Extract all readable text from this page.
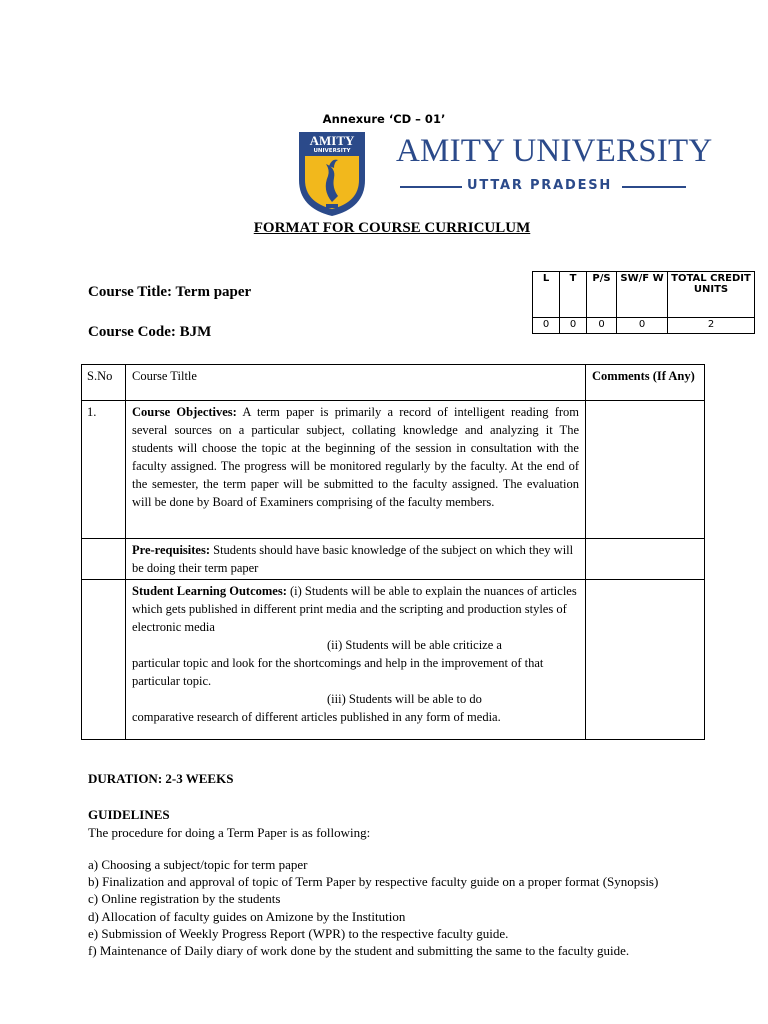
Annexure ‘CD – 01’
AMITY
UNIVERSITY	AMITY UNIVERSITY
UTTAR PRADESH
FORMAT FOR COURSE CURRICULUM
Course Title: Term paper
Course Code: BJM
L	T	P/S	SW/F W	TOTAL CREDIT UNITS
0	0	0	0	2
S.No	Course Tiltle	Comments (If Any)
1.	Course Objectives: A term paper is primarily a record of intelligent reading from several sources on a particular subject, collating knowledge and analyzing it The students will choose the topic at the beginning of the session in consultation with the faculty assigned. The progress will be monitored regularly by the faculty. At the end of the semester, the term paper will be submitted to the faculty assigned. The evaluation will be done by Board of Examiners comprising of the faculty members.	
	Pre-requisites: Students should have basic knowledge of the subject on which they will be doing their term paper	

	Student Learning Outcomes: (i) Students will be able to explain the nuances of articles which gets published in different print media and the scripting and production styles of electronic media
(ii) Students will be able criticize a
particular topic and look for the shortcomings and help in the improvement of that particular topic.
(iii) Students will be able to do
comparative research of different articles published in any form of media.	

DURATION: 2-3 WEEKS
GUIDELINES
The procedure for doing a Term Paper is as following:
a) Choosing a subject/topic for term paper
b) Finalization and approval of topic of Term Paper by respective faculty guide on a proper format (Synopsis)
c) Online registration by the students
d) Allocation of faculty guides on Amizone by the Institution
e) Submission of Weekly Progress Report (WPR) to the respective faculty guide.
f) Maintenance of Daily diary of work done by the student and submitting the same to the faculty guide.
